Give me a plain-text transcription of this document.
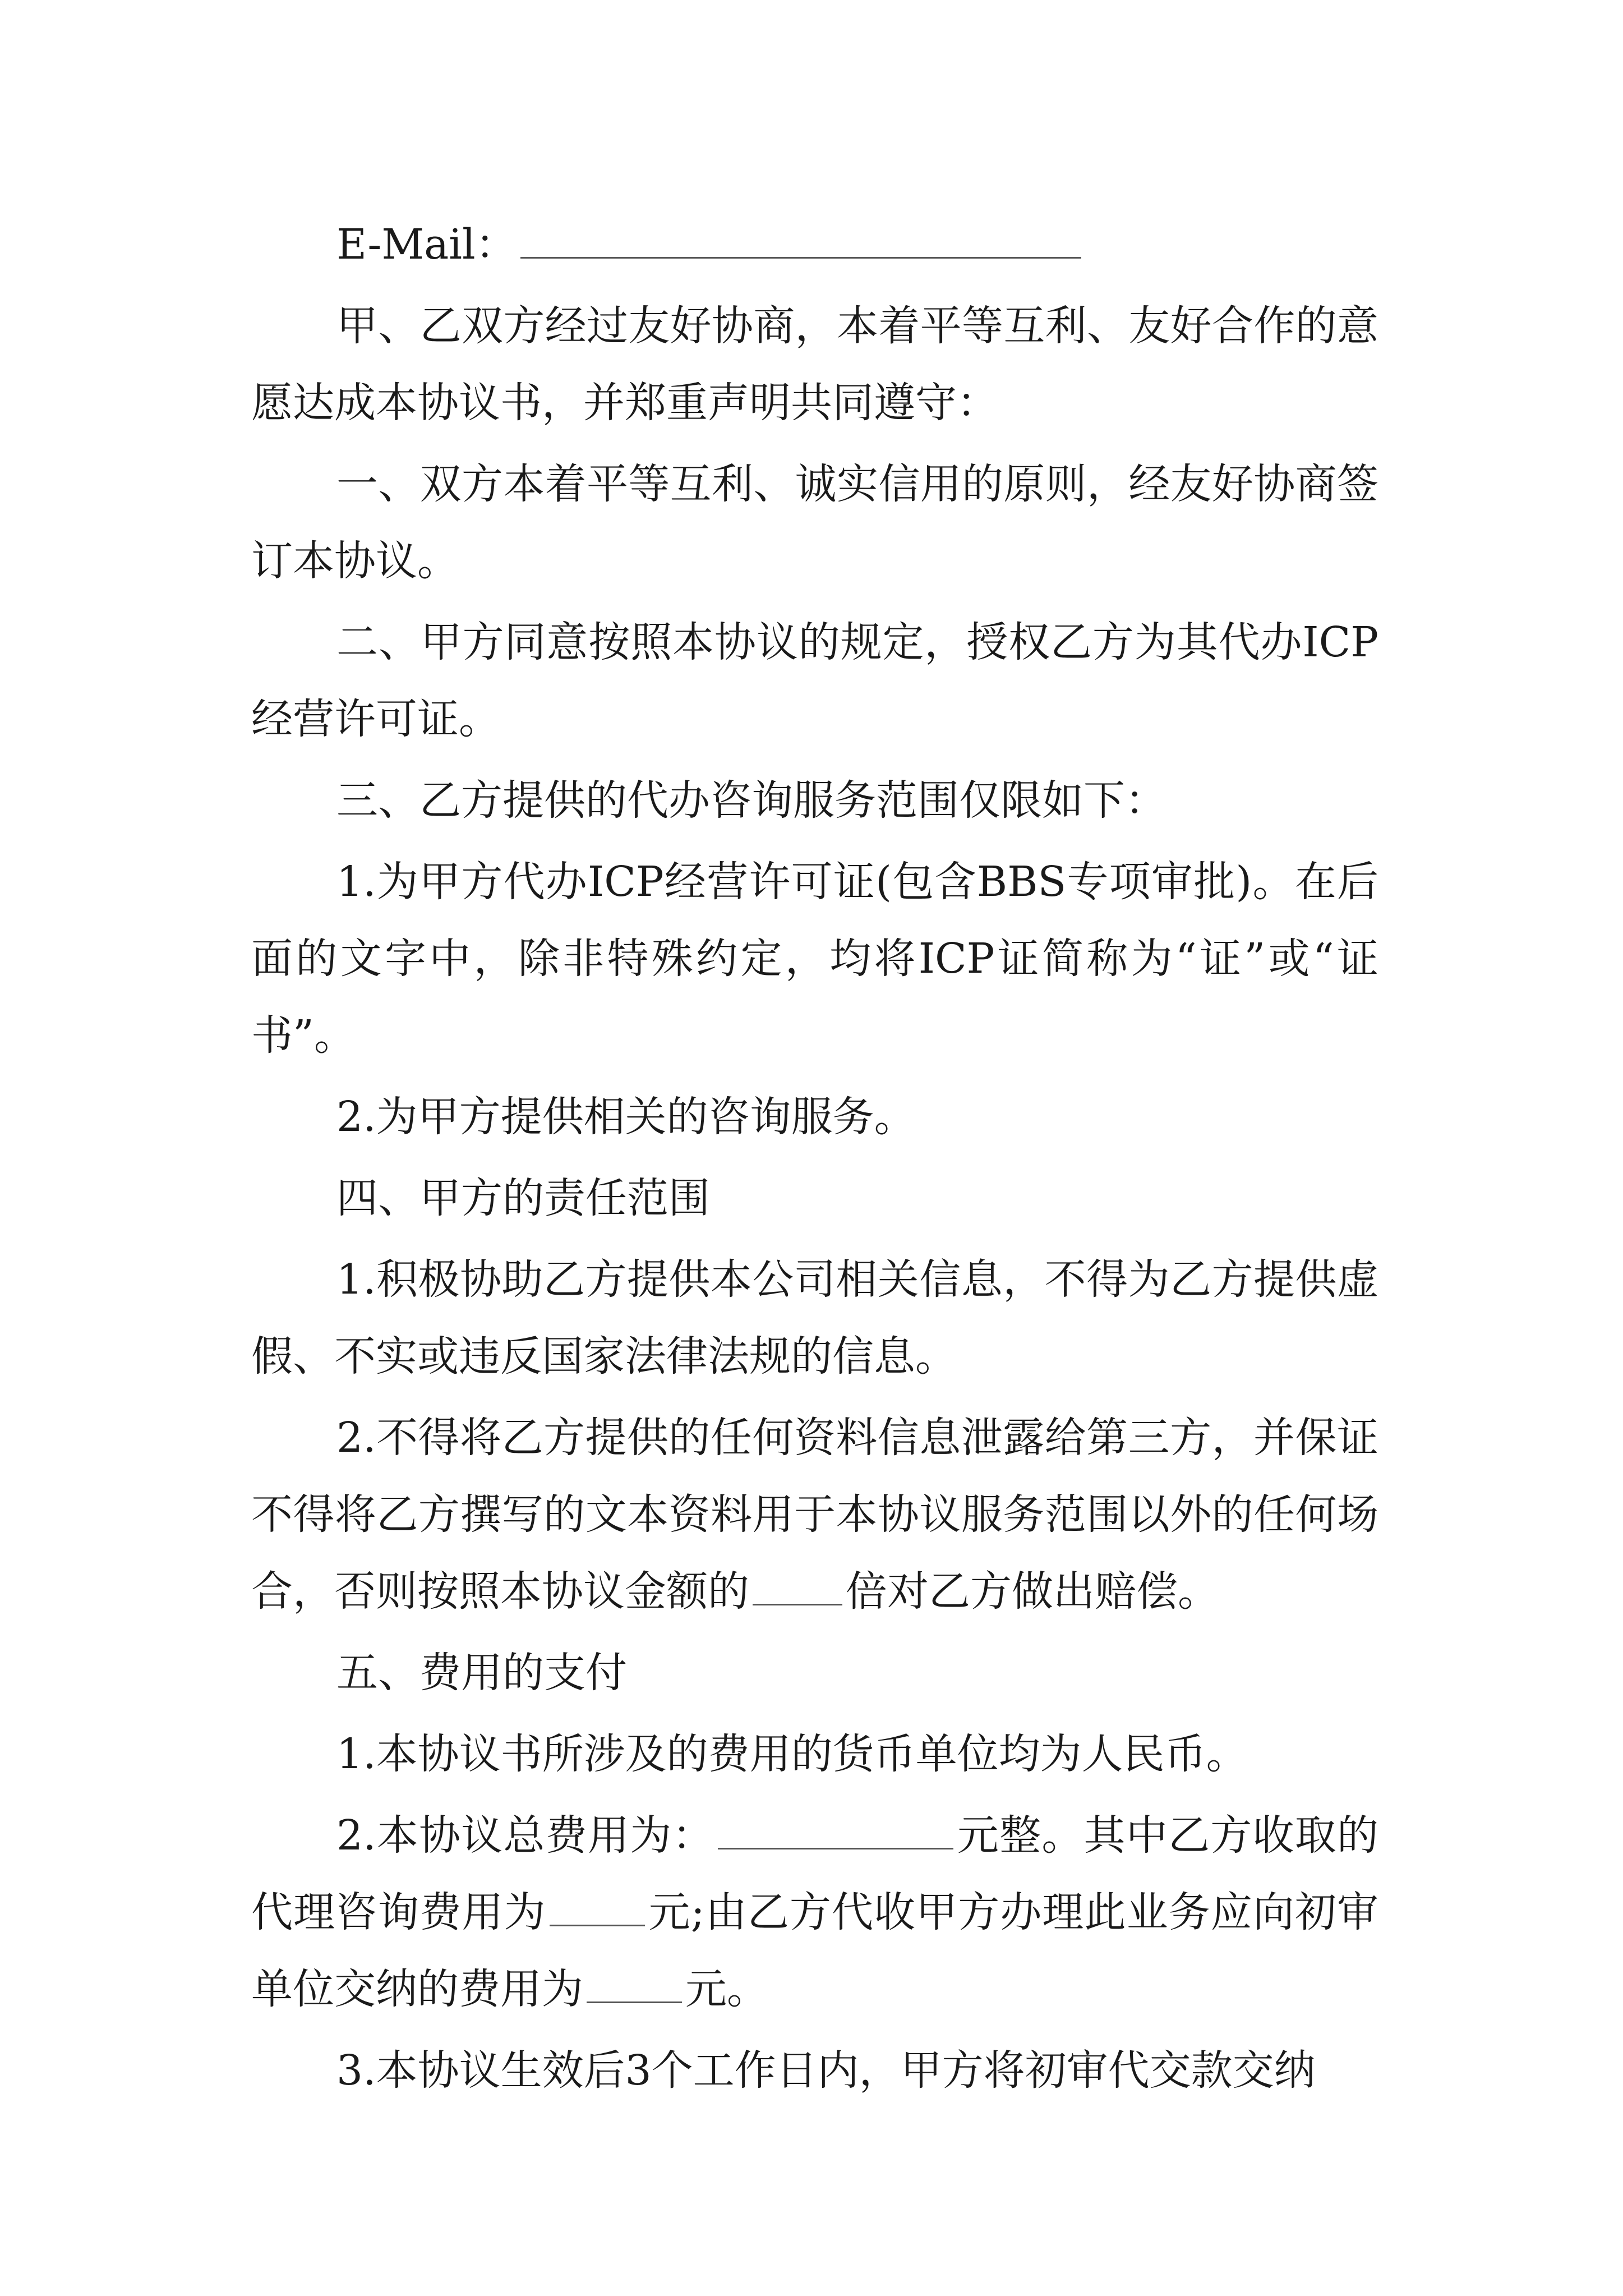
E-Mail：

甲、乙双方经过友好协商，本着平等互利、友好合作的意愿达成本协议书，并郑重声明共同遵守：

一、双方本着平等互利、诚实信用的原则，经友好协商签订本协议。

二、甲方同意按照本协议的规定，授权乙方为其代办ICP经营许可证。

三、乙方提供的代办咨询服务范围仅限如下：

1.为甲方代办ICP经营许可证(包含BBS专项审批)。在后面的文字中，除非特殊约定，均将ICP证简称为“证”或“证书”。

2.为甲方提供相关的咨询服务。

四、甲方的责任范围

1.积极协助乙方提供本公司相关信息，不得为乙方提供虚假、不实或违反国家法律法规的信息。

2.不得将乙方提供的任何资料信息泄露给第三方，并保证不得将乙方撰写的文本资料用于本协议服务范围以外的任何场合，否则按照本协议金额的 倍对乙方做出赔偿。

五、费用的支付

1.本协议书所涉及的费用的货币单位均为人民币。

2.本协议总费用为：	元整。其中乙方收取的代理咨询费用为 元;由乙方代收甲方办理此业务应向初审单位交纳的费用为 元。

3.本协议生效后3个工作日内，甲方将初审代交款交纳
